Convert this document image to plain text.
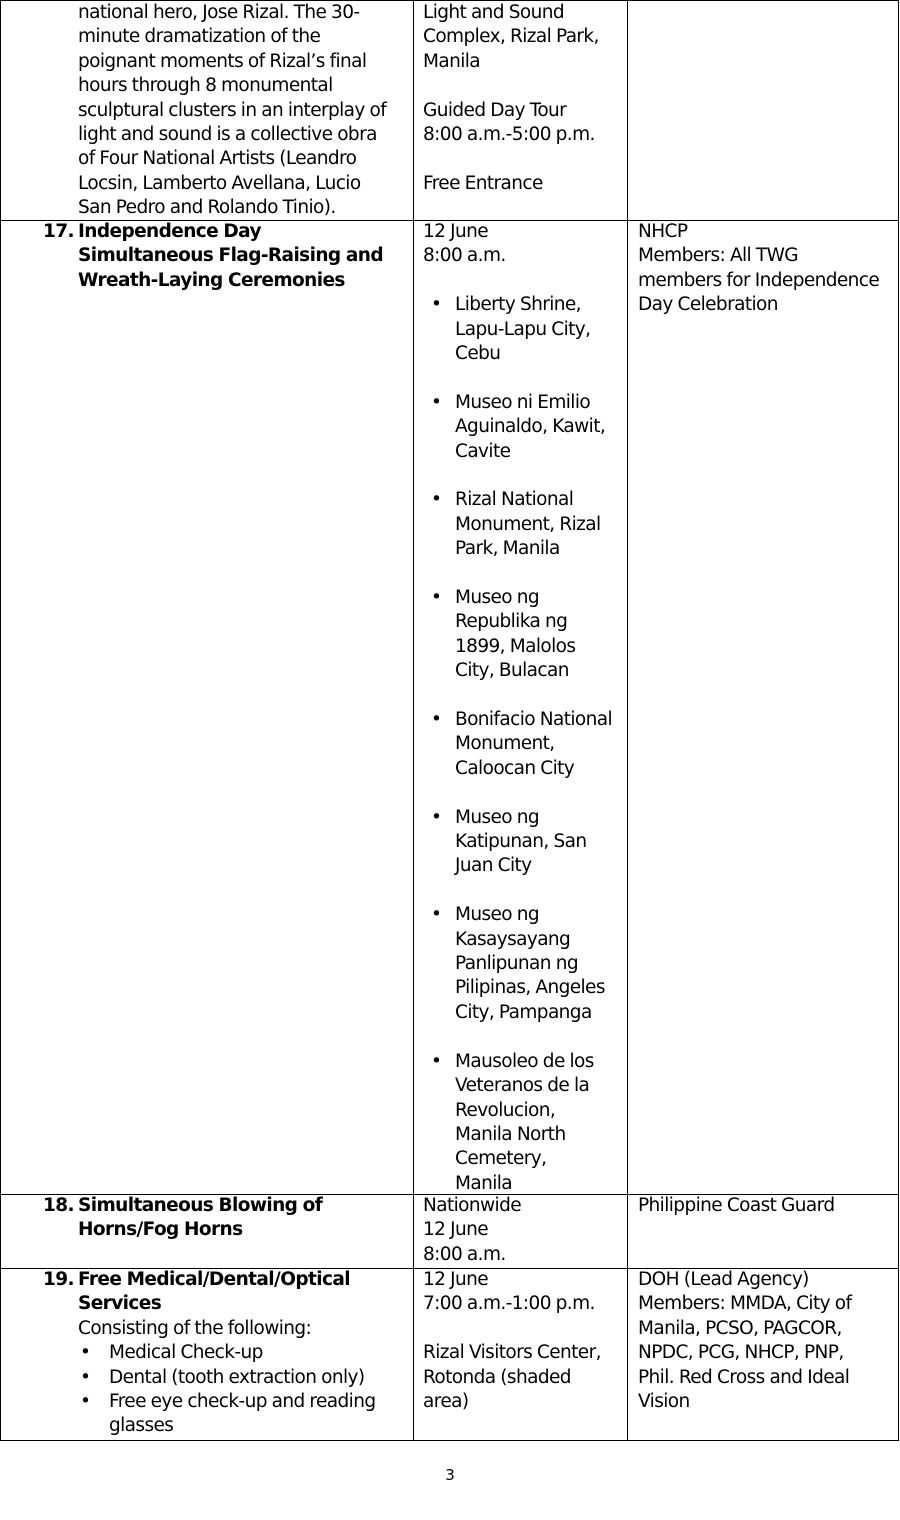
national hero, Jose Rizal. The 30-
minute dramatization of the
poignant moments of Rizal’s final
hours through 8 monumental
sculptural clusters in an interplay of
light and sound is a collective obra
of Four National Artists (Leandro
Locsin, Lamberto Avellana, Lucio
San Pedro and Rolando Tinio).
Light and Sound
Complex, Rizal Park,
Manila
Guided Day Tour
8:00 a.m.-5:00 p.m.
Free Entrance
17. Independence Day
Simultaneous Flag-Raising and
Wreath-Laying Ceremonies
12 June
8:00 a.m.
• Liberty Shrine,
Lapu-Lapu City,
Cebu
• Museo ni Emilio
Aguinaldo, Kawit,
Cavite
• Rizal National
Monument, Rizal
Park, Manila
• Museo ng
Republika ng
1899, Malolos
City, Bulacan
• Bonifacio National
Monument,
Caloocan City
• Museo ng
Katipunan, San
Juan City
• Museo ng
Kasaysayang
Panlipunan ng
Pilipinas, Angeles
City, Pampanga
• Mausoleo de los
Veteranos de la
Revolucion,
Manila North
Cemetery,
Manila
NHCP
Members: All TWG
members for Independence
Day Celebration
18. Simultaneous Blowing of
Horns/Fog Horns
Nationwide
12 June
8:00 a.m.
Philippine Coast Guard
19. Free Medical/Dental/Optical
Services
Consisting of the following:
• Medical Check-up
• Dental (tooth extraction only)
• Free eye check-up and reading
glasses
12 June
7:00 a.m.-1:00 p.m.
Rizal Visitors Center,
Rotonda (shaded
area)
DOH (Lead Agency)
Members: MMDA, City of
Manila, PCSO, PAGCOR,
NPDC, PCG, NHCP, PNP,
Phil. Red Cross and Ideal
Vision
3
